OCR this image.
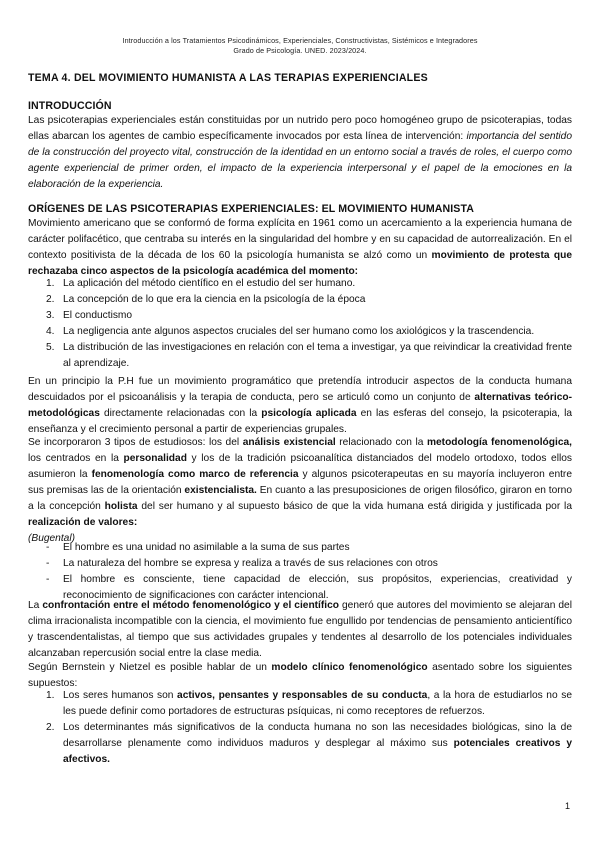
Introducción a los Tratamientos Psicodinámicos, Experienciales, Constructivistas, Sistémicos e Integradores
Grado de Psicología. UNED. 2023/2024.
TEMA 4. DEL MOVIMIENTO HUMANISTA A LAS TERAPIAS EXPERIENCIALES
INTRODUCCIÓN
Las psicoterapias experienciales están constituidas por un nutrido pero poco homogéneo grupo de psicoterapias, todas ellas abarcan los agentes de cambio específicamente invocados por esta línea de intervención: importancia del sentido de la construcción del proyecto vital, construcción de la identidad en un entorno social a través de roles, el cuerpo como agente experiencial de primer orden, el impacto de la experiencia interpersonal y el papel de la emociones en la elaboración de la experiencia.
ORÍGENES DE LAS PSICOTERAPIAS EXPERIENCIALES: EL MOVIMIENTO HUMANISTA
Movimiento americano que se conformó de forma explícita en 1961 como un acercamiento a la experiencia humana de carácter polifacético, que centraba su interés en la singularidad del hombre y en su capacidad de autorrealización. En el contexto positivista de la década de los 60 la psicología humanista se alzó como un movimiento de protesta que rechazaba cinco aspectos de la psicología académica del momento:
1. La aplicación del método científico en el estudio del ser humano.
2. La concepción de lo que era la ciencia en la psicología de la época
3. El conductismo
4. La negligencia ante algunos aspectos cruciales del ser humano como los axiológicos y la trascendencia.
5. La distribución de las investigaciones en relación con el tema a investigar, ya que reivindicar la creatividad frente al aprendizaje.
En un principio la P.H fue un movimiento programático que pretendía introducir aspectos de la conducta humana descuidados por el psicoanálisis y la terapia de conducta, pero se articuló como un conjunto de alternativas teórico-metodológicas directamente relacionadas con la psicología aplicada en las esferas del consejo, la psicoterapia, la enseñanza y el crecimiento personal a partir de experiencias grupales.
Se incorporaron 3 tipos de estudiosos: los del análisis existencial relacionado con la metodología fenomenológica, los centrados en la personalidad y los de la tradición psicoanalítica distanciados del modelo ortodoxo, todos ellos asumieron la fenomenología como marco de referencia y algunos psicoterapeutas en su mayoría incluyeron entre sus premisas las de la orientación existencialista. En cuanto a las presuposiciones de origen filosófico, giraron en torno a la concepción holista del ser humano y al supuesto básico de que la vida humana está dirigida y justificada por la realización de valores:
(Bugental)
- El hombre es una unidad no asimilable a la suma de sus partes
- La naturaleza del hombre se expresa y realiza a través de sus relaciones con otros
- El hombre es consciente, tiene capacidad de elección, sus propósitos, experiencias, creatividad y reconocimiento de significaciones con carácter intencional.
La confrontación entre el método fenomenológico y el científico generó que autores del movimiento se alejaran del clima irracionalista incompatible con la ciencia, el movimiento fue engullido por tendencias de pensamiento anticientífico y trascendentalistas, al tiempo que sus actividades grupales y tendentes al desarrollo de los potenciales individuales alcanzaban repercusión social entre la clase media.
Según Bernstein y Nietzel es posible hablar de un modelo clínico fenomenológico asentado sobre los siguientes supuestos:
1. Los seres humanos son activos, pensantes y responsables de su conducta, a la hora de estudiarlos no se les puede definir como portadores de estructuras psíquicas, ni como receptores de refuerzos.
2. Los determinantes más significativos de la conducta humana no son las necesidades biológicas, sino la de desarrollarse plenamente como individuos maduros y desplegar al máximo sus potenciales creativos y afectivos.
1
